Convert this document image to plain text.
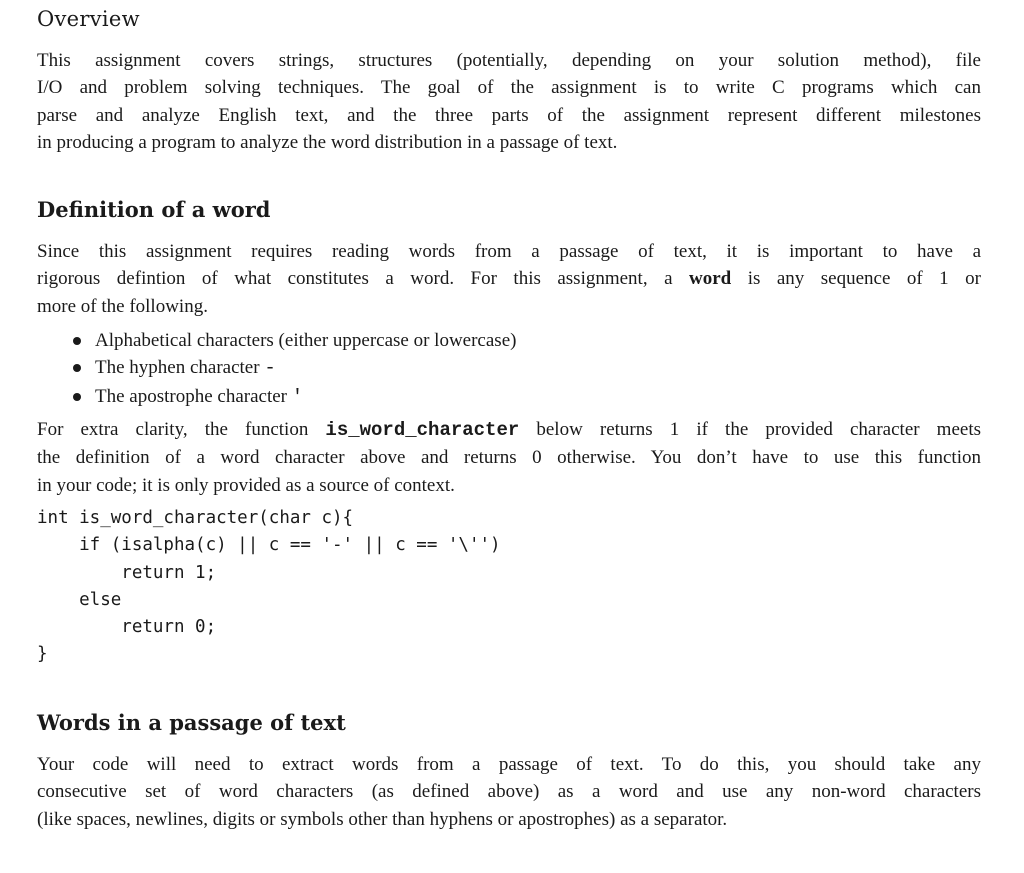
Overview

This assignment covers strings, structures (potentially, depending on your solution method), file
I/O and problem solving techniques. The goal of the assignment is to write C programs which can
parse and analyze English text, and the three parts of the assignment represent different milestones
in producing a program to analyze the word distribution in a passage of text.

Definition of a word

Since this assignment requires reading words from a passage of text, it is important to have a
rigorous defintion of what constitutes a word. For this assignment, a word is any sequence of 1 or
more of the following.

Alphabetical characters (either uppercase or lowercase)
The hyphen character -
The apostrophe character '

For extra clarity, the function is_word_character below returns 1 if the provided character meets
the definition of a word character above and returns 0 otherwise. You don’t have to use this function
in your code; it is only provided as a source of context.

int is_word_character(char c){
if (isalpha(c) || c == '-' || c == '\'')
return 1;
else
return 0;
}
Words in a passage of text

Your code will need to extract words from a passage of text. To do this, you should take any
consecutive set of word characters (as defined above) as a word and use any non-word characters
(like spaces, newlines, digits or symbols other than hyphens or apostrophes) as a separator.
